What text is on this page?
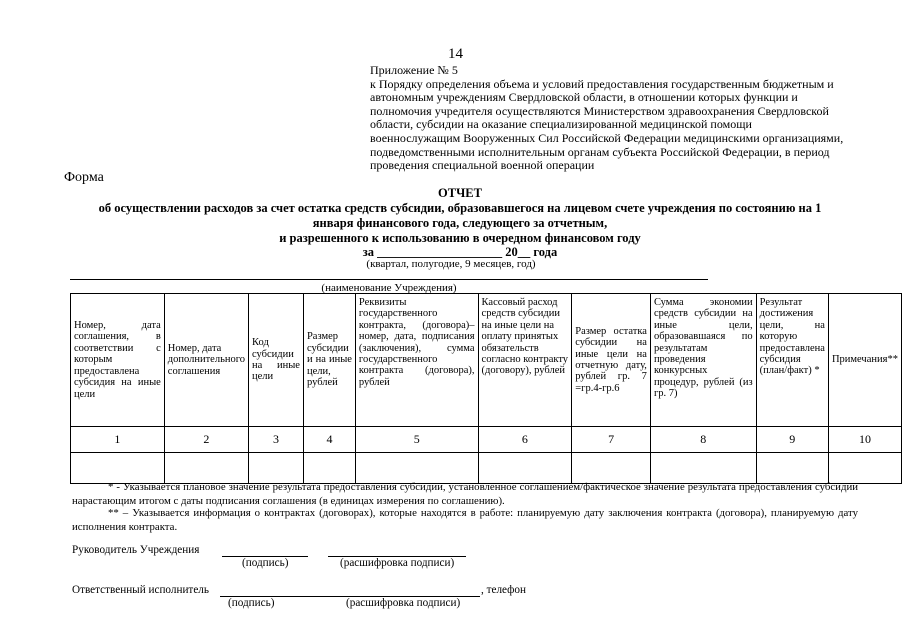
14
Приложение № 5
к Порядку определения объема и условий предоставления государственным бюджетным и автономным учреждениям Свердловской области, в отношении которых функции и полномочия учредителя осуществляются Министерством здравоохранения Свердловской области, субсидии на оказание специализированной медицинской помощи военнослужащим Вооруженных Сил Российской Федерации медицинскими организациями, подведомственными исполнительным органам субъекта Российской Федерации, в период проведения специальной военной операции
Форма
ОТЧЕТ
об осуществлении расходов за счет остатка средств субсидии, образовавшегося на лицевом счете учреждения по состоянию на 1
января финансового года, следующего за отчетным,
и разрешенного к использованию в очередном финансовом году
за ____________________ 20__ года
(квартал, полугодие, 9 месяцев, год)
(наименование Учреждения)
Номер, дата соглашения, в соответствии с которым предоставлена субсидия на иные цели	Номер, дата дополнительного соглашения	Код субсидии на иные цели	Размер субсидии и на иные цели, рублей	Реквизиты государственного контракта, (договора)– номер, дата, подписания (заключения), сумма государственного контракта (договора), рублей	Кассовый расход средств субсидии на иные цели на оплату принятых обязательств согласно контракту (договору), рублей	Размер остатка субсидии на иные цели на отчетную дату, рублей гр. 7 =гр.4-гр.6	Сумма экономии средств субсидии на иные цели, образовавшаяся по результатам проведения конкурсных процедур, рублей (из гр. 7)	Результат достижения цели, на которую предоставлена субсидия (план/факт) *	Примечания**
1	2	3	4	5	6	7	8	9	10

* - Указывается плановое значение результата предоставления субсидии, установленное соглашением/фактическое значение результата предоставления субсидии нарастающим итогом с даты подписания соглашения (в единицах измерения по соглашению).
** – Указывается информация о контрактах (договорах), которые находятся в работе: планируемую дату заключения контракта (договора), планируемую дату исполнения контракта.
Руководитель Учреждения
(подпись)	(расшифровка подписи)
Ответственный исполнитель	, телефон
(подпись)	(расшифровка подписи)
